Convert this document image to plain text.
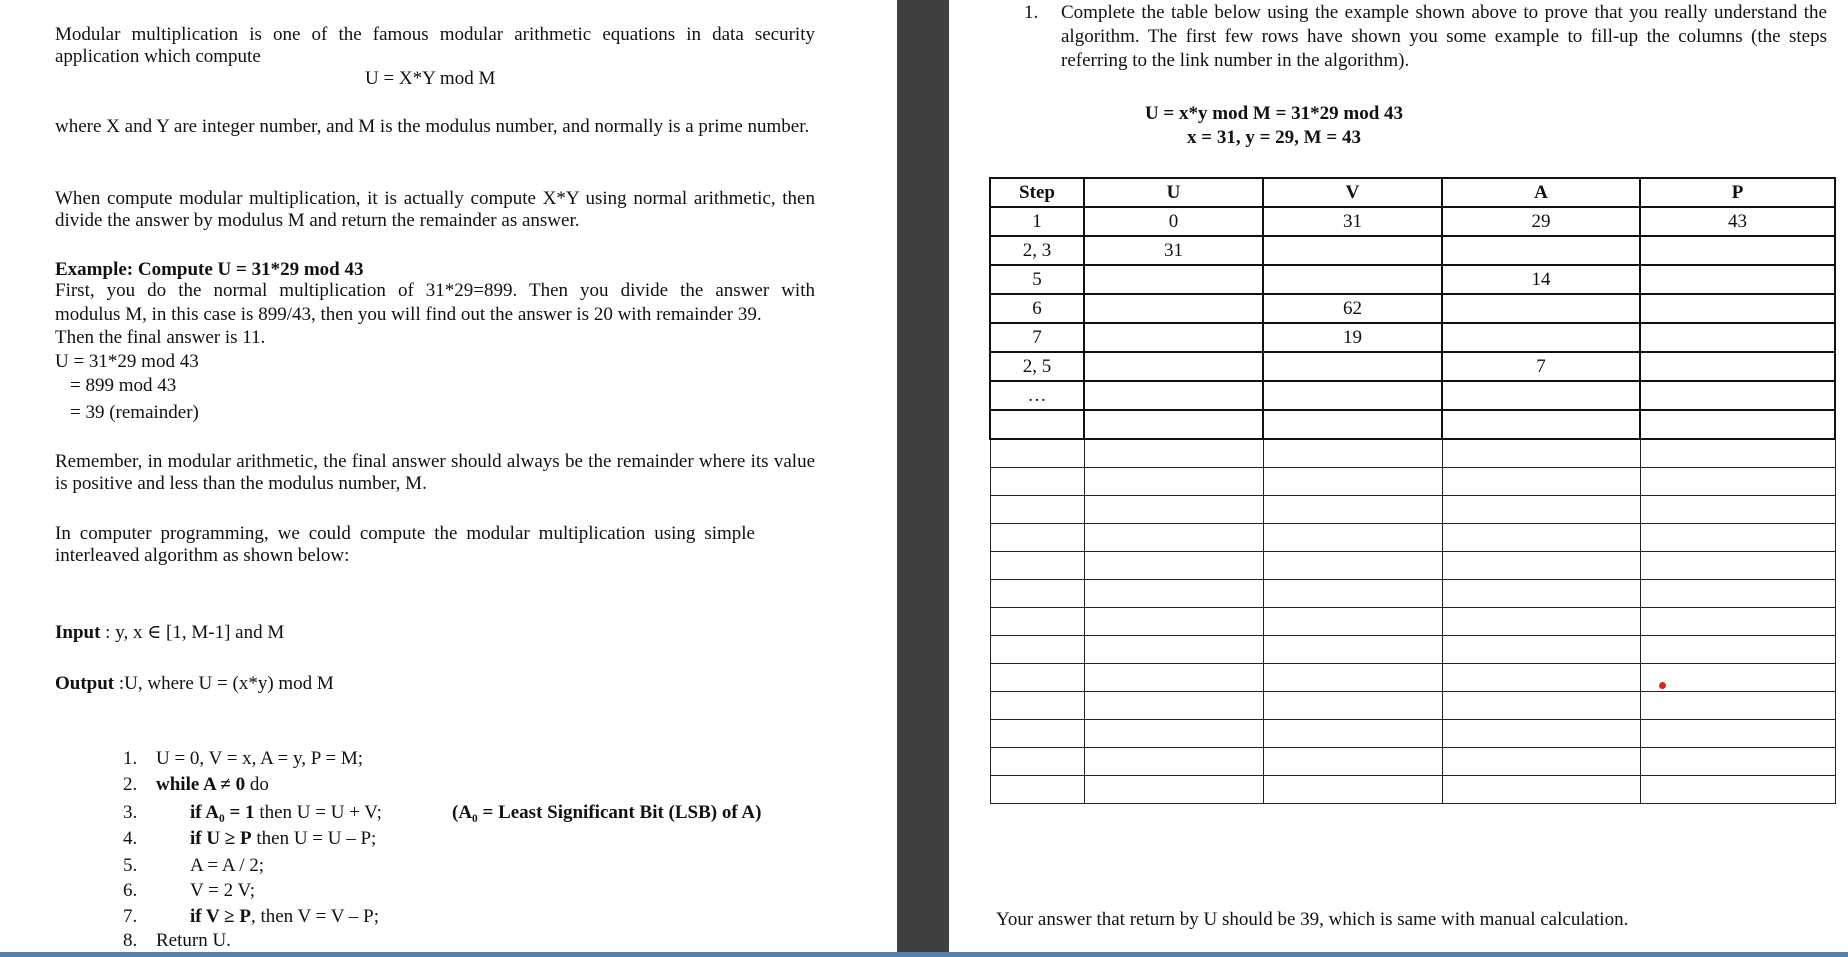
Modular multiplication is one of the famous modular arithmetic equations in data security application which compute
U = X*Y mod M
where X and Y are integer number, and M is the modulus number, and normally is a prime number.
When compute modular multiplication, it is actually compute X*Y using normal arithmetic, then divide the answer by modulus M and return the remainder as answer.
Example: Compute U = 31*29 mod 43
First, you do the normal multiplication of 31*29=899. Then you divide the answer with
modulus M, in this case is 899/43, then you will find out the answer is 20 with remainder 39.
Then the final answer is 11.
U = 31*29 mod 43
= 899 mod 43
= 39 (remainder)
Remember, in modular arithmetic, the final answer should always be the remainder where its value is positive and less than the modulus number, M.
In computer programming, we could compute the modular multiplication using simple interleaved algorithm as shown below:
Input : y, x ∈ [1, M-1] and M
Output :U, where U = (x*y) mod M
1. U = 0, V = x, A = y, P = M;
2. while A ≠ 0 do
3.	if A₀ = 1 then U = U + V;
4.	if U ≥ P then U = U – P;
5.	A = A / 2;
6.	V = 2 V;
7.	if V ≥ P, then V = V – P;
8. Return U.
(A₀ = Least Significant Bit (LSB) of A)
1. Complete the table below using the example shown above to prove that you really understand the algorithm. The first few rows have shown you some example to fill-up the columns (the steps referring to the link number in the algorithm).
U = x*y mod M = 31*29 mod 43
x = 31, y = 29, M = 43
Step	U	V	A	P
1	0	31	29	43
2, 3	31			
5			14	
6		62		
7		19		
2, 5			7	
…				

Your answer that return by U should be 39, which is same with manual calculation.
